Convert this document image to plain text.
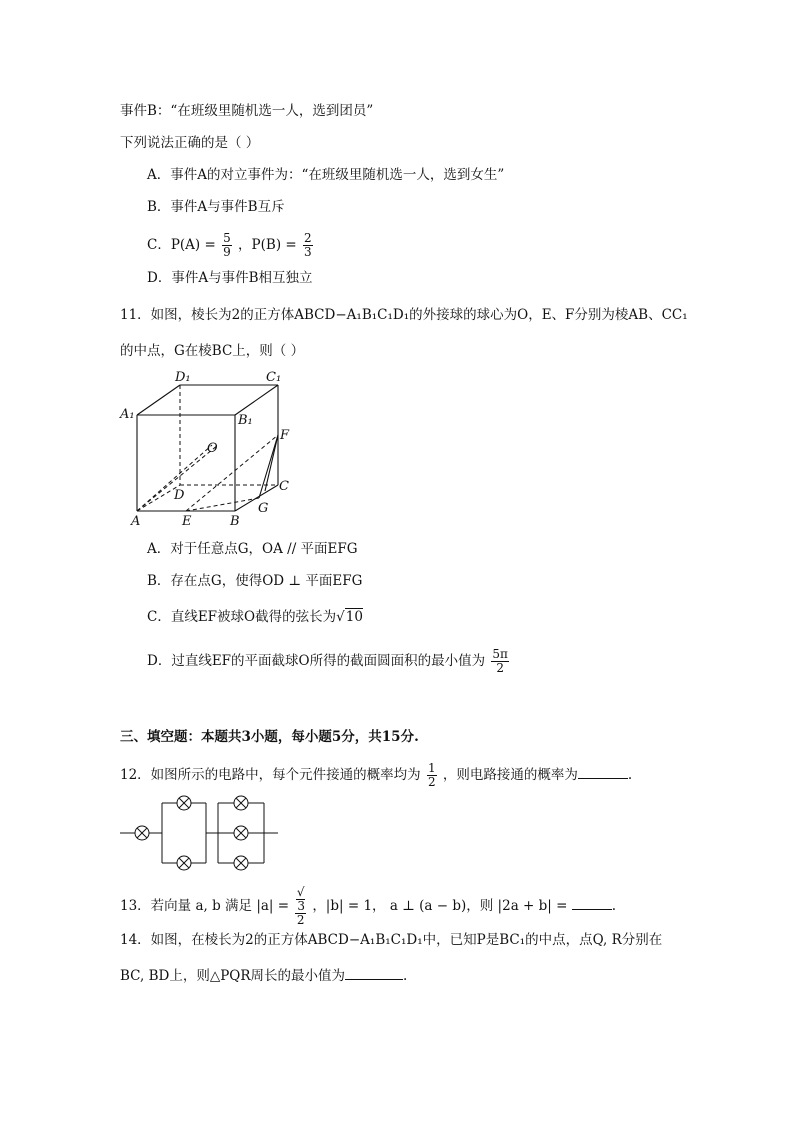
事件B：“在班级里随机选一人，选到团员”
下列说法正确的是（ ）
A．事件A的对立事件为：“在班级里随机选一人，选到女生”
B．事件A与事件B互斥
C．$P(A) = \frac{5}{9}$ ，$P(B) = \frac{2}{3}$
D．事件A与事件B相互独立
11．如图，棱长为2的正方体ABCD−A₁B₁C₁D₁的外接球的球心为O，E、F分别为棱AB、CC₁
的中点，G在棱BC上，则（ ）
D₁	C₁
A₁	B₁
O
F
D
C
A	E	B
G
A．对于任意点G，OA // 平面EFG
B．存在点G，使得OD ⊥ 平面EFG
C．直线EF被球O截得的弦长为√10
D．过直线EF的平面截球O所得的截面圆面积的最小值为 $\frac{5\pi}{2}$
三、填空题：本题共3小题，每小题5分，共15分.
12．如图所示的电路中，每个元件接通的概率均为 $\frac{1}{2}$ ，则电路接通的概率为	.
13．若向量 a, b 满足 |a| = √
3
2 ，|b| = 1， a ⊥ (a − b)，则 |2a + b| =	.
14．如图，在棱长为2的正方体ABCD−A₁B₁C₁D₁中，已知P是BC₁的中点，点Q, R分别在
BC, BD上，则△PQR周长的最小值为	.
